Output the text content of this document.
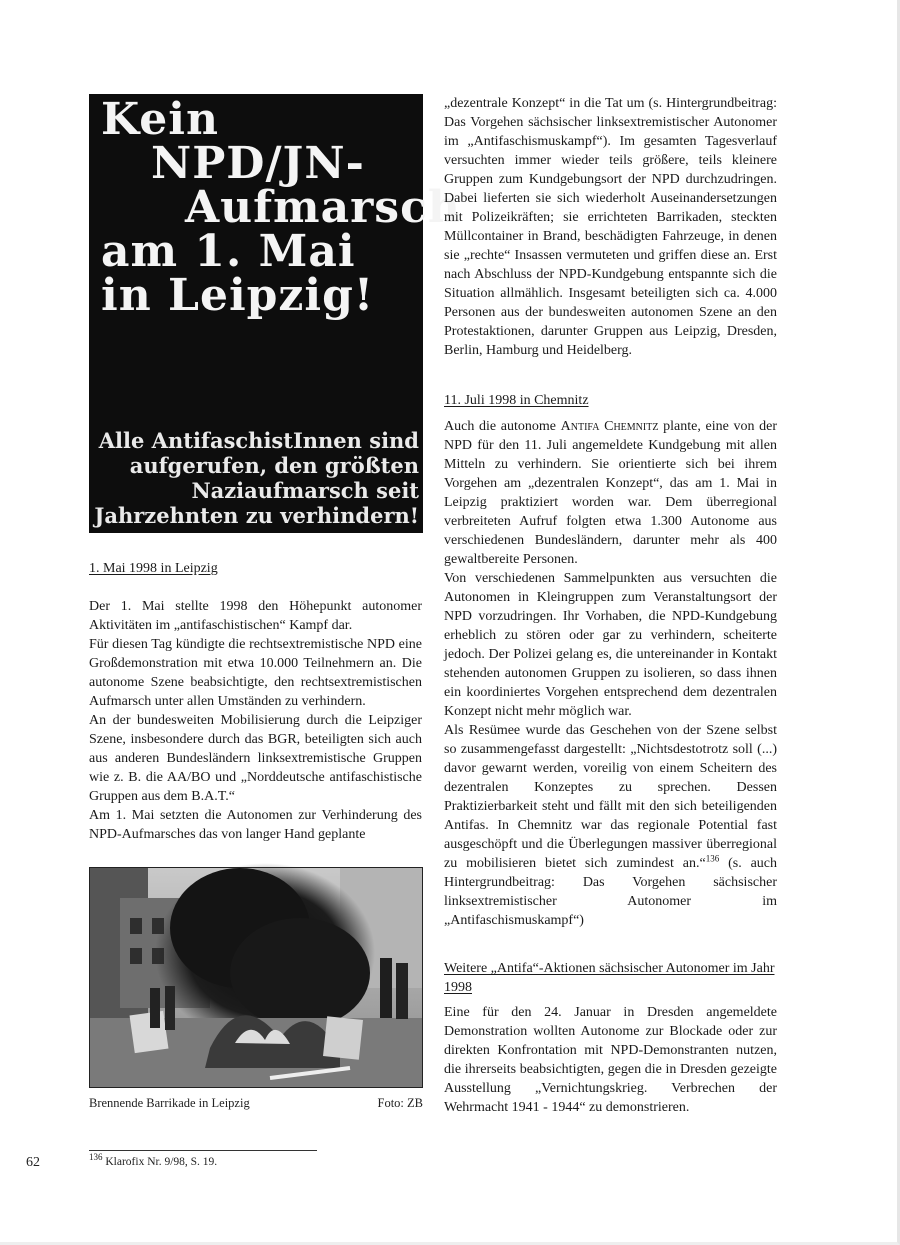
Kein
NPD/JN-
Aufmarsch
am 1. Mai
in Leipzig!
Alle AntifaschistInnen sind
aufgerufen, den größten
Naziaufmarsch seit
Jahrzehnten zu verhindern!
1. Mai 1998 in Leipzig

Der 1. Mai stellte 1998 den Höhepunkt autonomer Aktivitäten im „antifaschistischen“ Kampf dar.

Für diesen Tag kündigte die rechtsextremistische NPD eine Großdemonstration mit etwa 10.000 Teilnehmern an. Die autonome Szene beabsichtigte, den rechtsextremistischen Aufmarsch unter allen Umständen zu verhindern.

An der bundesweiten Mobilisierung durch die Leipziger Szene, insbesondere durch das BGR, beteiligten sich auch aus anderen Bundesländern linksextremistische Gruppen wie z. B. die AA/BO und „Norddeutsche antifaschistische Gruppen aus dem B.A.T.“

Am 1. Mai setzten die Autonomen zur Verhinderung des NPD-Aufmarsches das von langer Hand geplante

Brennende Barrikade in Leipzig	Foto: ZB

„dezentrale Konzept“ in die Tat um (s. Hintergrundbeitrag: Das Vorgehen sächsischer linksextremistischer Autonomer im „Antifaschismuskampf“). Im gesamten Tagesverlauf versuchten immer wieder teils größere, teils kleinere Gruppen zum Kundgebungsort der NPD durchzudringen. Dabei lieferten sie sich wiederholt Auseinandersetzungen mit Polizeikräften; sie errichteten Barrikaden, steckten Müllcontainer in Brand, beschädigten Fahrzeuge, in denen sie „rechte“ Insassen vermuteten und griffen diese an. Erst nach Abschluss der NPD-Kundgebung entspannte sich die Situation allmählich. Insgesamt beteiligten sich ca. 4.000 Personen aus der bundesweiten autonomen Szene an den Protestaktionen, darunter Gruppen aus Leipzig, Dresden, Berlin, Hamburg und Heidelberg.

11. Juli 1998 in Chemnitz

Auch die autonome Antifa Chemnitz plante, eine von der NPD für den 11. Juli angemeldete Kundgebung mit allen Mitteln zu verhindern. Sie orientierte sich bei ihrem Vorgehen am „dezentralen Konzept“, das am 1. Mai in Leipzig praktiziert worden war. Dem überregional verbreiteten Aufruf folgten etwa 1.300 Autonome aus verschiedenen Bundesländern, darunter mehr als 400 gewaltbereite Personen.

Von verschiedenen Sammelpunkten aus versuchten die Autonomen in Kleingruppen zum Veranstaltungsort der NPD vorzudringen. Ihr Vorhaben, die NPD-Kundgebung erheblich zu stören oder gar zu verhindern, scheiterte jedoch. Der Polizei gelang es, die untereinander in Kontakt stehenden autonomen Gruppen zu isolieren, so dass ihnen ein koordiniertes Vorgehen entsprechend dem dezentralen Konzept nicht mehr möglich war.

Als Resümee wurde das Geschehen von der Szene selbst so zusammengefasst dargestellt: „Nichtsdestotrotz soll (...) davor gewarnt werden, voreilig von einem Scheitern des dezentralen Konzeptes zu sprechen. Dessen Praktizierbarkeit steht und fällt mit den sich beteiligenden Antifas. In Chemnitz war das regionale Potential fast ausgeschöpft und die Überlegungen massiver überregional zu mobilisieren bietet sich zumindest an.“$^{136}$ (s. auch Hintergrundbeitrag: Das Vorgehen sächsischer linksextremistischer Autonomer im „Antifaschismuskampf“)

Weitere „Antifa“-Aktionen sächsischer Autonomer im Jahr 1998

Eine für den 24. Januar in Dresden angemeldete Demonstration wollten Autonome zur Blockade oder zur direkten Konfrontation mit NPD-Demonstranten nutzen, die ihrerseits beabsichtigten, gegen die in Dresden gezeigte Ausstellung „Vernichtungskrieg. Verbrechen der Wehrmacht 1941 - 1944“ zu demonstrieren.

62	$^{136}$ Klarofix Nr. 9/98, S. 19.
